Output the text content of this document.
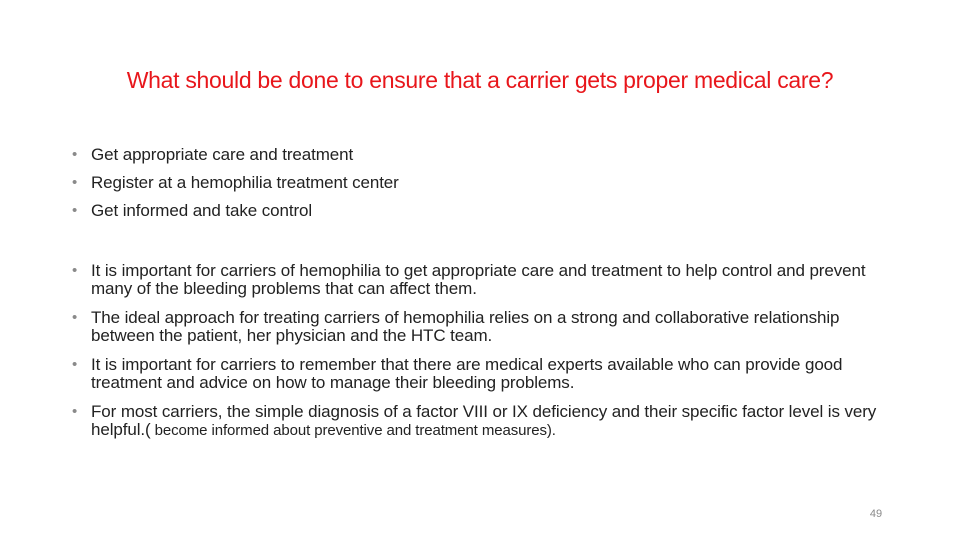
What should be done to ensure that a carrier gets proper medical care?
• Get appropriate care and treatment
• Register at a hemophilia treatment center
• Get informed and take control
• It is important for carriers of hemophilia to get appropriate care and treatment to help control and prevent many of the bleeding problems that can affect them.
• The ideal approach for treating carriers of hemophilia relies on a strong and collaborative relationship between the patient, her physician and the HTC team.
• It is important for carriers to remember that there are medical experts available who can provide good treatment and advice on how to manage their bleeding problems.
• For most carriers, the simple diagnosis of a factor VIII or IX deficiency and their specific factor level is very helpful.( become informed about preventive and treatment measures).
49
